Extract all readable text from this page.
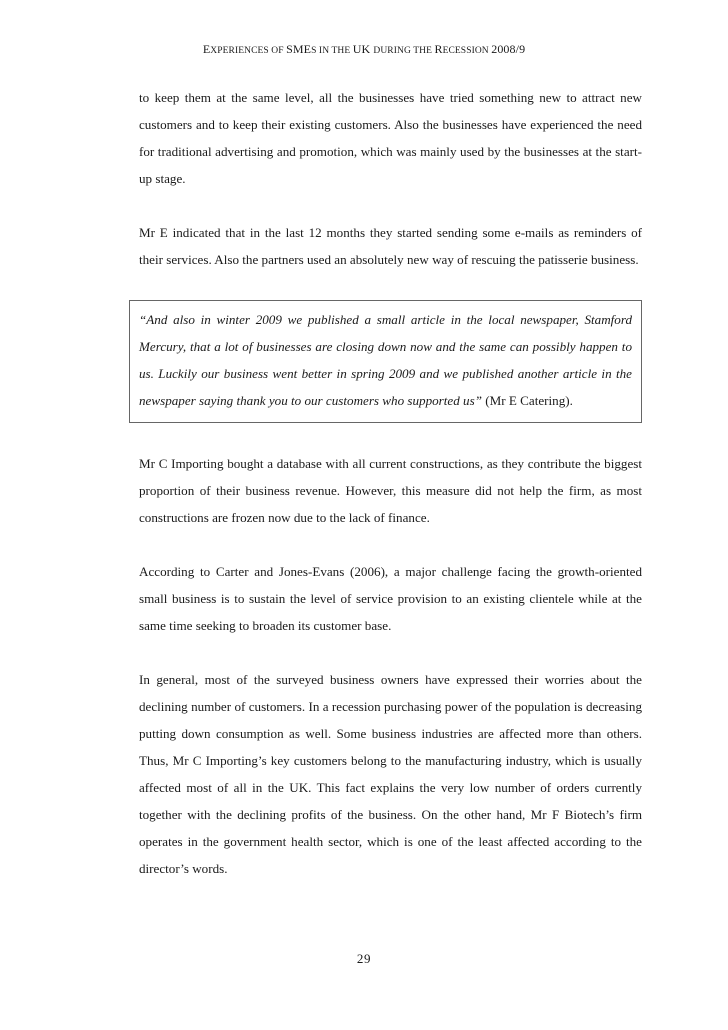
EXPERIENCES OF SMES IN THE UK DURING THE RECESSION 2008/9

to keep them at the same level, all the businesses have tried something new to attract new customers and to keep their existing customers. Also the businesses have experienced the need for traditional advertising and promotion, which was mainly used by the businesses at the start-up stage.

Mr E indicated that in the last 12 months they started sending some e-mails as reminders of their services. Also the partners used an absolutely new way of rescuing the patisserie business.

“And also in winter 2009 we published a small article in the local newspaper, Stamford Mercury, that a lot of businesses are closing down now and the same can possibly happen to us. Luckily our business went better in spring 2009 and we published another article in the newspaper saying thank you to our customers who supported us” (Mr E Catering).

Mr C Importing bought a database with all current constructions, as they contribute the biggest proportion of their business revenue. However, this measure did not help the firm, as most constructions are frozen now due to the lack of finance.

According to Carter and Jones-Evans (2006), a major challenge facing the growth-oriented small business is to sustain the level of service provision to an existing clientele while at the same time seeking to broaden its customer base.

In general, most of the surveyed business owners have expressed their worries about the declining number of customers. In a recession purchasing power of the population is decreasing putting down consumption as well. Some business industries are affected more than others. Thus, Mr C Importing’s key customers belong to the manufacturing industry, which is usually affected most of all in the UK. This fact explains the very low number of orders currently together with the declining profits of the business. On the other hand, Mr F Biotech’s firm operates in the government health sector, which is one of the least affected according to the director’s words.

29
